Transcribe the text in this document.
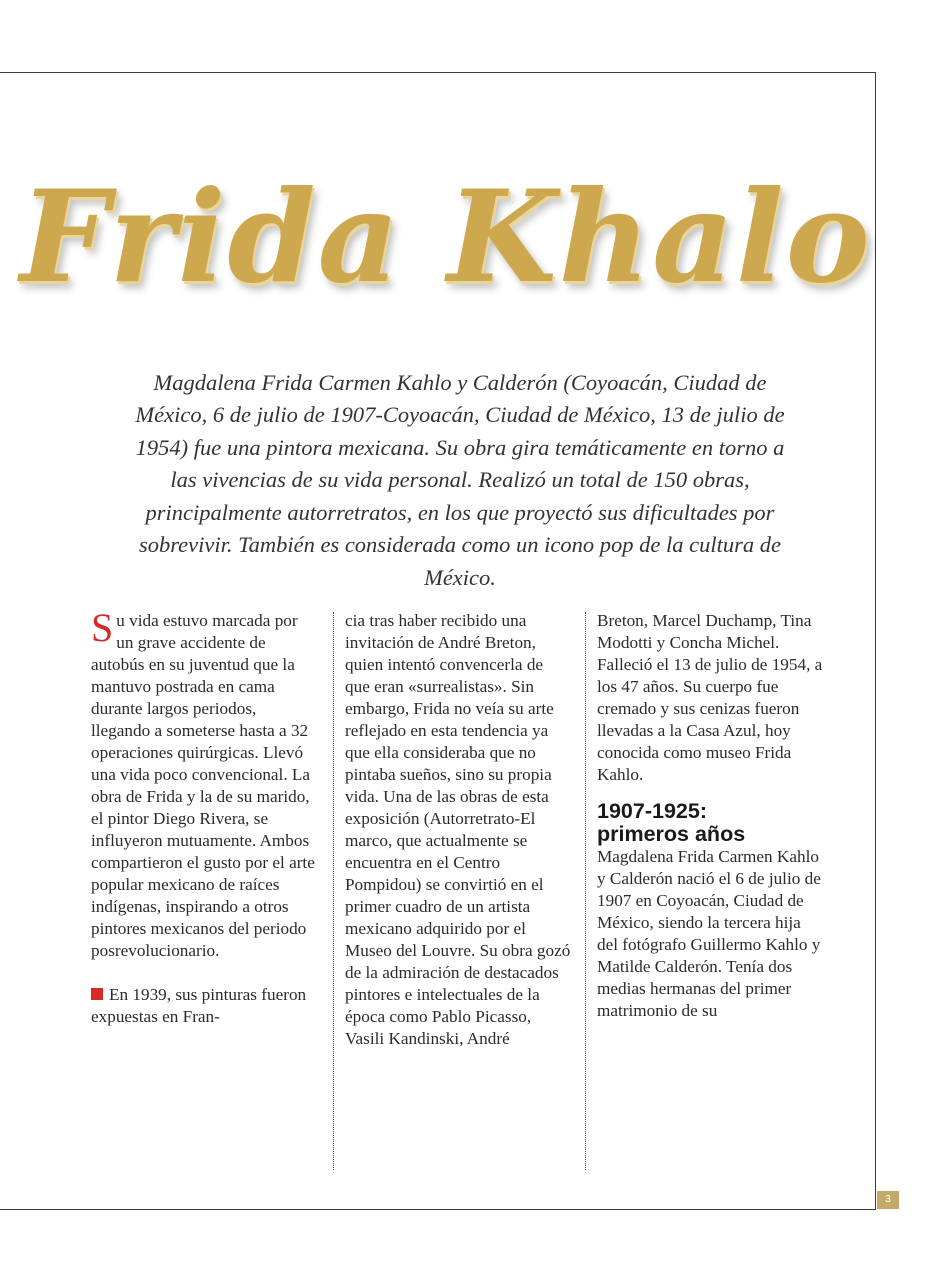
Frida Khalo

Magdalena Frida Carmen Kahlo y Calderón (Coyoacán, Ciudad de México, 6 de julio de 1907-Coyoacán, Ciudad de México, 13 de julio de 1954) fue una pintora mexicana. Su obra gira temáticamente en torno a las vivencias de su vida personal. Realizó un total de 150 obras, principalmente autorretratos, en los que proyectó sus dificultades por sobrevivir. También es considerada como un icono pop de la cultura de México.

Su vida estuvo marcada por un grave accidente de autobús en su juventud que la mantuvo postrada en cama durante largos periodos, llegando a someterse hasta a 32 operaciones quirúrgicas. Llevó una vida poco convencional. La obra de Frida y la de su marido, el pintor Diego Rivera, se influyeron mutuamente. Ambos compartieron el gusto por el arte popular mexicano de raíces indígenas, inspirando a otros pintores mexicanos del periodo posrevolucionario.

En 1939, sus pinturas fueron expuestas en Fran-

cia tras haber recibido una invitación de André Breton, quien intentó convencerla de que eran «surrealistas». Sin embargo, Frida no veía su arte reflejado en esta tendencia ya que ella consideraba que no pintaba sueños, sino su propia vida. Una de las obras de esta exposición (Autorretrato-El marco, que actualmente se encuentra en el Centro Pompidou) se convirtió en el primer cuadro de un artista mexicano adquirido por el Museo del Louvre. Su obra gozó de la admiración de destacados pintores e intelectuales de la época como Pablo Picasso, Vasili Kandinski, André

Breton, Marcel Duchamp, Tina Modotti y Concha Michel. Falleció el 13 de julio de 1954, a los 47 años. Su cuerpo fue cremado y sus cenizas fueron llevadas a la Casa Azul, hoy conocida como museo Frida Kahlo.

1907-1925:
primeros años

Magdalena Frida Carmen Kahlo y Calderón nació el 6 de julio de 1907 en Coyoacán, Ciudad de México, siendo la tercera hija del fotógrafo Guillermo Kahlo y Matilde Calderón. Tenía dos medias hermanas del primer matrimonio de su

3
